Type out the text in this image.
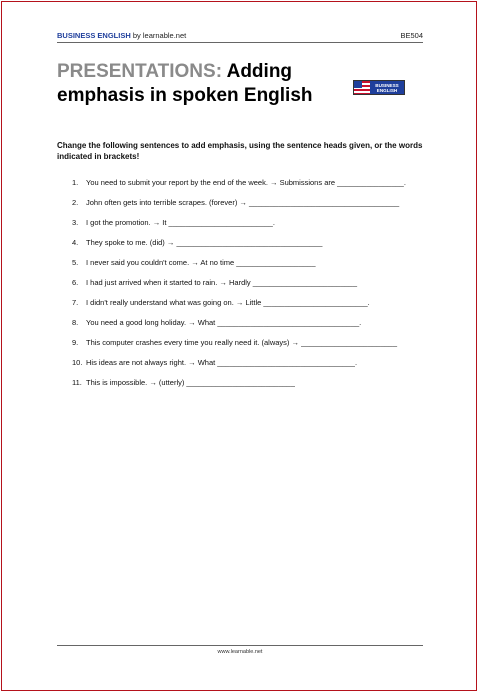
BUSINESS ENGLISH by learnable.net	BE504
PRESENTATIONS: Adding emphasis in spoken English	BUSINESS
ENGLISH
Change the following sentences to add emphasis, using the sentence heads given, or the words indicated in brackets!
1.	You need to submit your report by the end of the week. → Submissions are ________________.
2.	John often gets into terrible scrapes. (forever) → ____________________________________
3.	I got the promotion. → It _________________________.
4.	They spoke to me. (did) → ___________________________________
5.	I never said you couldn't come. → At no time ___________________
6.	I had just arrived when it started to rain. → Hardly _________________________
7.	I didn't really understand what was going on. → Little _________________________.
8.	You need a good long holiday. → What __________________________________.
9.	This computer crashes every time you really need it. (always) → _______________________
10. His ideas are not always right. → What _________________________________.
11. This is impossible. → (utterly) __________________________
www.learnable.net
